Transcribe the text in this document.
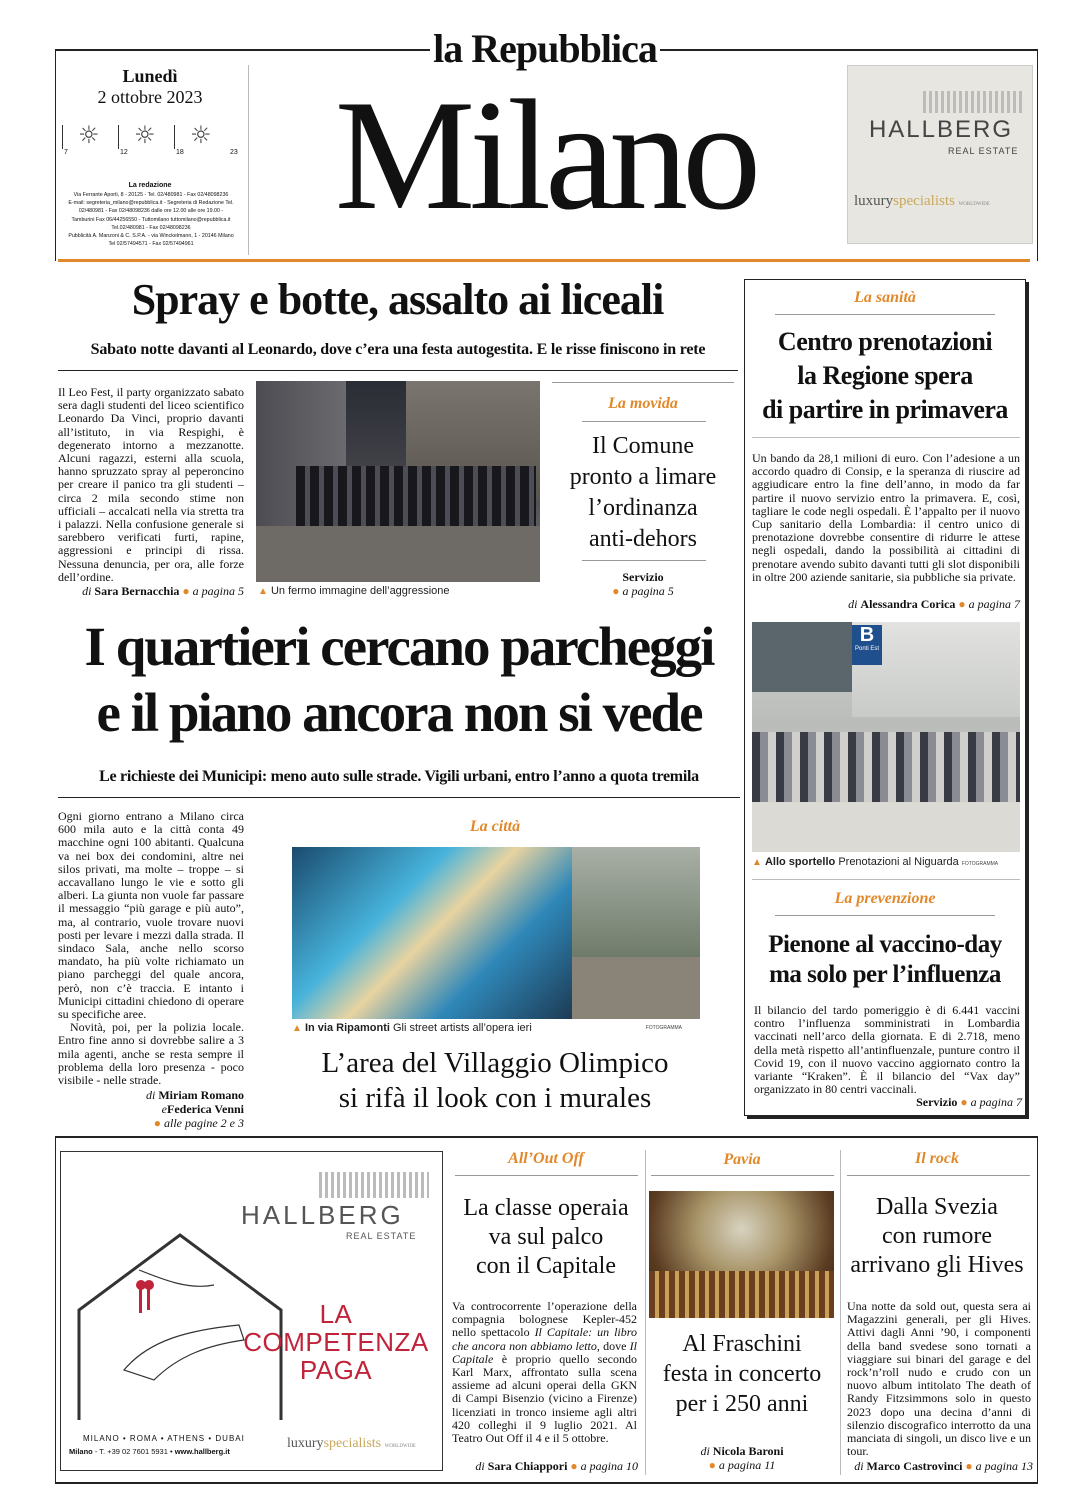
la Repubblica
Lunedì
2 ottobre 2023
☼
7
☼
12
☼
18	23
La redazione
Via Ferrante Aporti, 8 - 20125 - Tel. 02/480981 - Fax 02/48098236
E-mail: segreteria_milano@repubblica.it - Segreteria di Redazione Tel.
02/480981 - Fax 02/48098236 dalle ore 12.00 alle ore 19.00 -
Tamburini Fax 06/44256550 - Tuttomilano tuttomilano@repubblica.it
Tel.02/480981 - Fax 02/48098236
Pubblicità A. Manzoni & C. S.P.A. - via Winckelmann, 1 - 20146 Milano
Tel 02/57494571 - Fax 02/57494961
Milano	HALLBERG
REAL ESTATE
luxuryspecialists WORLDWIDE
Spray e botte, assalto ai liceali
Sabato notte davanti al Leonardo, dove c’era una festa autogestita. E le risse finiscono in rete
Il Leo Fest, il party organizzato sabato sera dagli studenti del liceo scientifico Leonardo Da Vinci, proprio davanti all’istituto, in via Respighi, è degenerato intorno a mezzanotte. Alcuni ragazzi, esterni alla scuola, hanno spruzzato spray al peperoncino per creare il panico tra gli studenti – circa 2 mila secondo stime non ufficiali – accalcati nella via stretta tra i palazzi. Nella confusione generale si sarebbero verificati furti, rapine, aggressioni e principi di rissa. Nessuna denuncia, per ora, alle forze dell’ordine.
di Sara Bernacchia ● a pagina 5 ▲ Un fermo immagine dell’aggressione
La movida
Il Comune
pronto a limare
l’ordinanza
anti-dehors
Servizio
● a pagina 5
La sanità
Centro prenotazioni
la Regione spera
di partire in primavera
Un bando da 28,1 milioni di euro. Con l’adesione a un accordo quadro di Consip, e la speranza di riuscire ad aggiudicare entro la fine dell’anno, in modo da far partire il nuovo servizio entro la primavera. E, così, tagliare le code negli ospedali. È l’appalto per il nuovo Cup sanitario della Lombardia: il centro unico di prenotazione dovrebbe consentire di ridurre le attese negli ospedali, dando la possibilità ai cittadini di prenotare avendo subito davanti tutti gli slot disponibili in oltre 200 aziende sanitarie, sia pubbliche sia private.
di Alessandra Corica ● a pagina 7
B
Ponti Est
▲ Allo sportello Prenotazioni al Niguarda FOTOGRAMMA
La prevenzione
Pienone al vaccino-day
ma solo per l’influenza
Il bilancio del tardo pomeriggio è di 6.441 vaccini contro l’influenza somministrati in Lombardia vaccinati nell’arco della giornata. E di 2.718, meno della metà rispetto all’antinfluenzale, punture contro il Covid 19, con il nuovo vaccino aggiornato contro la variante “Kraken”. È il bilancio del “Vax day” organizzato in 80 centri vaccinali.
Servizio ● a pagina 7
I quartieri cercano parcheggi
e il piano ancora non si vede
Le richieste dei Municipi: meno auto sulle strade. Vigili urbani, entro l’anno a quota tremila
Ogni giorno entrano a Milano circa 600 mila auto e la città conta 49 macchine ogni 100 abitanti. Qualcuna va nei box dei condomini, altre nei silos privati, ma molte – troppe – si accavallano lungo le vie e sotto gli alberi. La giunta non vuole far passare il messaggio “più garage e più auto”, ma, al contrario, vuole trovare nuovi posti per levare i mezzi dalla strada. Il sindaco Sala, anche nello scorso mandato, ha più volte richiamato un piano parcheggi del quale ancora, però, non c’è traccia. E intanto i Municipi cittadini chiedono di operare su specifiche aree.
Novità, poi, per la polizia locale. Entro fine anno si dovrebbe salire a 3 mila agenti, anche se resta sempre il problema della loro presenza - poco visibile - nelle strade.
di Miriam Romano
eFederica Venni
● alle pagine 2 e 3
La città
▲ In via Ripamonti Gli street artists all’opera ieri	FOTOGRAMMA
L’area del Villaggio Olimpico
si rifà il look con i murales
HALLBERG
REAL ESTATE
LA
COMPETENZA
PAGA
MILANO • ROMA • ATHENS • DUBAI
Milano - T. +39 02 7601 5931 • www.hallberg.it
luxuryspecialists WORLDWIDE
All’Out Off
La classe operaia
va sul palco
con il Capitale
Va controcorrente l’operazione della compagnia bolognese Kepler-452 nello spettacolo Il Capitale: un libro che ancora non abbiamo letto, dove Il Capitale è proprio quello secondo Karl Marx, affrontato sulla scena assieme ad alcuni operai della GKN di Campi Bisenzio (vicino a Firenze) licenziati in tronco insieme agli altri 420 colleghi il 9 luglio 2021. Al Teatro Out Off il 4 e il 5 ottobre.
di Sara Chiappori ● a pagina 10
Pavia
Al Fraschini
festa in concerto
per i 250 anni
di Nicola Baroni
● a pagina 11
Il rock
Dalla Svezia
con rumore
arrivano gli Hives
Una notte da sold out, questa sera ai Magazzini generali, per gli Hives. Attivi dagli Anni ’90, i componenti della band svedese sono tornati a viaggiare sui binari del garage e del rock’n’roll nudo e crudo con un nuovo album intitolato The death of Randy Fitzsimmons solo in questo 2023 dopo una decina d’anni di silenzio discografico interrotto da una manciata di singoli, un disco live e un tour.
di Marco Castrovinci ● a pagina 13
